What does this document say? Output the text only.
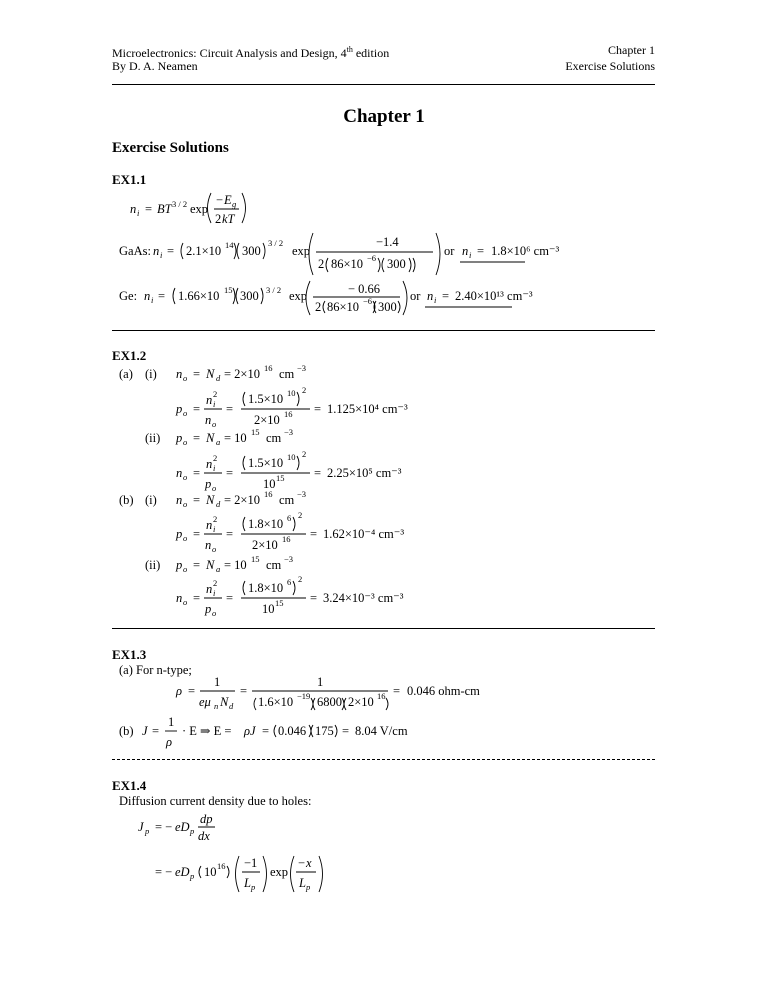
Microelectronics: Circuit Analysis and Design, 4th edition
By D. A. Neamen
Chapter 1
Exercise Solutions
Chapter 1
Exercise Solutions
EX1.1
n i = BT 3 / 2 exp
− E g
2 kT
GaAs: n i = 2.1×10 14 300
3 / 2
exp
−1.4
2 86×10 −6 300
or n i = 1.8×10⁶ cm⁻³
Ge: n i = 1.66×10 15 300 3 / 2 exp	− 0.66
2 86×10 −6 300
or n i = 2.40×10¹³ cm⁻³
EX1.2
(a) (i) n o = N d = 2×10 16 cm −3
p o =
n 2
i
n o
=
1.5×10 10 2
2×10 16 = 1.125×10⁴ cm⁻³
(ii) p o = N a = 10 15 cm −3
n o =
n 2
i
p o
=
1.5×10 10 2
10 15 = 2.25×10⁵ cm⁻³
(b) (i) n o = N d = 2×10 16 cm −3
p o =
n 2
i
n o
=
1.8×10 6 2
2×10 16 = 1.62×10⁻⁴ cm⁻³
(ii) p o = N a = 10 15 cm −3
n o =
n 2
i
p o
=
1.8×10 6 2
10 15 = 3.24×10⁻³ cm⁻³
EX1.3
(a) For n-type;
ρ =
1
eμ n N d
=
1
1.6×10 −19 6800 2×10 16 = 0.046 ohm-cm
(b) J =
1
ρ
· E ⇒ E = ρJ = 0.046 175 = 8.04 V/cm
EX1.4
Diffusion current density due to holes:
J p = − eD p
dp
dx
= − eD p 10 16 −1
L p
exp
− x
L p
